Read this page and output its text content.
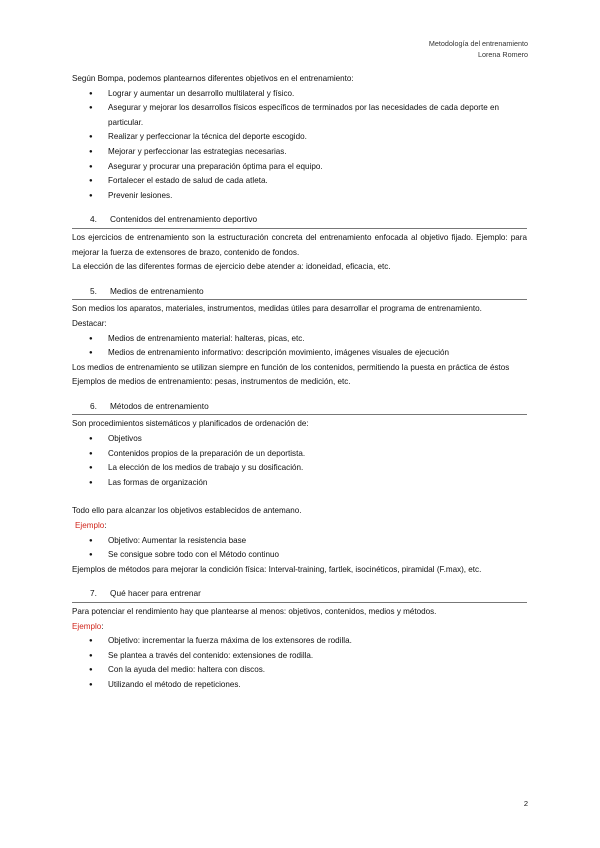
Metodología del entrenamiento
Lorena Romero

Según Bompa, podemos plantearnos diferentes objetivos en el entrenamiento:

● Lograr y aumentar un desarrollo multilateral y físico.
● Asegurar y mejorar los desarrollos físicos específicos de terminados por las necesidades de cada deporte en particular.
● Realizar y perfeccionar la técnica del deporte escogido.
● Mejorar y perfeccionar las estrategias necesarias.
● Asegurar y procurar una preparación óptima para el equipo.
● Fortalecer el estado de salud de cada atleta.
● Prevenir lesiones.
4. Contenidos del entrenamiento deportivo

Los ejercicios de entrenamiento son la estructuración concreta del entrenamiento enfocada al objetivo fijado. Ejemplo: para mejorar la fuerza de extensores de brazo, contenido de fondos.

La elección de las diferentes formas de ejercicio debe atender a: idoneidad, eficacia, etc.

5. Medios de entrenamiento

Son medios los aparatos, materiales, instrumentos, medidas útiles para desarrollar el programa de entrenamiento.

Destacar:

● Medios de entrenamiento material: halteras, picas, etc.
● Medios de entrenamiento informativo: descripción movimiento, imágenes visuales de ejecución

Los medios de entrenamiento se utilizan siempre en función de los contenidos, permitiendo la puesta en práctica de éstos

Ejemplos de medios de entrenamiento: pesas, instrumentos de medición, etc.

6. Métodos de entrenamiento

Son procedimientos sistemáticos y planificados de ordenación de:

● Objetivos
● Contenidos propios de la preparación de un deportista.
● La elección de los medios de trabajo y su dosificación.
● Las formas de organización

Todo ello para alcanzar los objetivos establecidos de antemano.

Ejemplo:

● Objetivo: Aumentar la resistencia base
● Se consigue sobre todo con el Método continuo

Ejemplos de métodos para mejorar la condición física: Interval-training, fartlek, isocinéticos, piramidal (F.max), etc.

7. Qué hacer para entrenar

Para potenciar el rendimiento hay que plantearse al menos: objetivos, contenidos, medios y métodos.

Ejemplo:

● Objetivo: incrementar la fuerza máxima de los extensores de rodilla.
● Se plantea a través del contenido: extensiones de rodilla.
● Con la ayuda del medio: haltera con discos.
● Utilizando el método de repeticiones.
2
